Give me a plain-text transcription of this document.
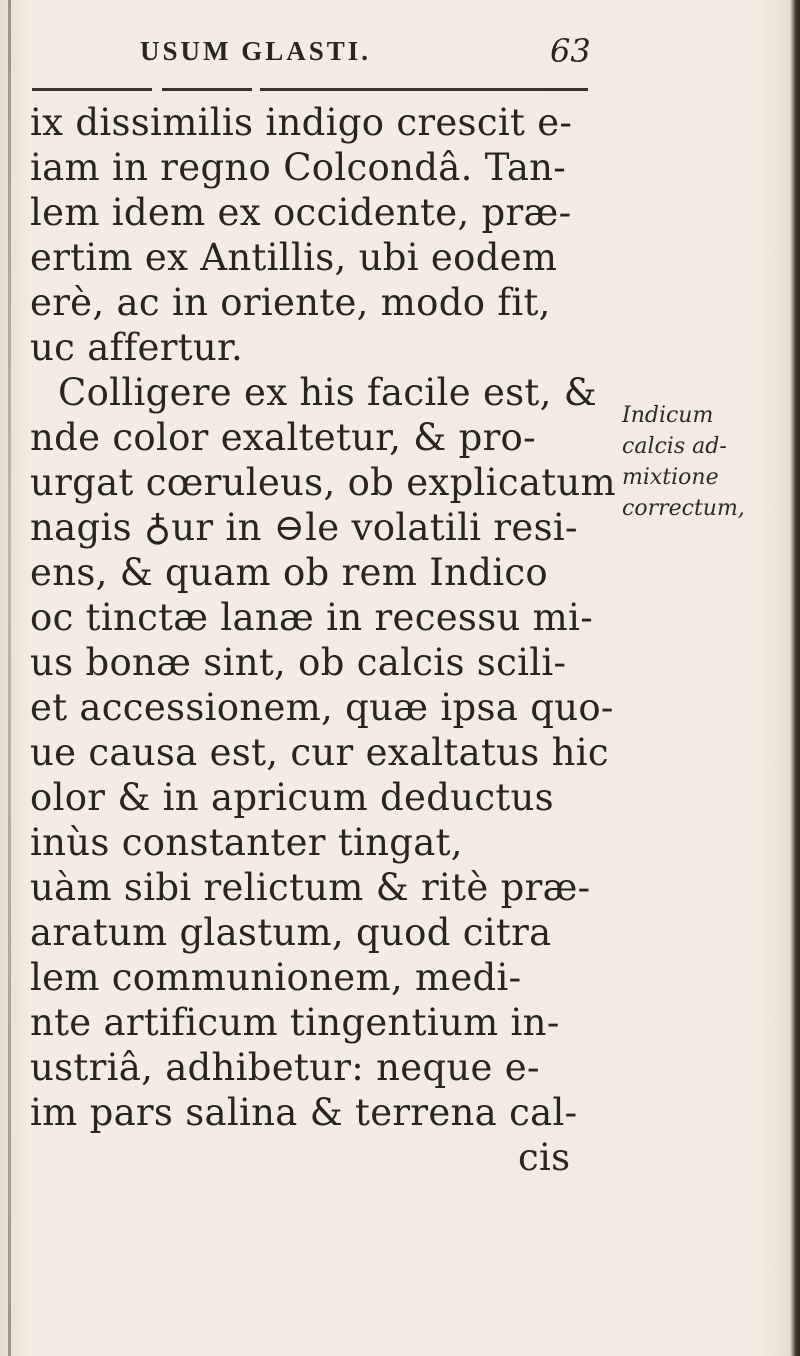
USUM GLASTI.	63
ix dissimilis indigo crescit e-
iam in regno Colcondâ. Tan-
lem idem ex occidente, præ-
ertim ex Antillis, ubi eodem
erè, ac in oriente, modo fit,
uc affertur.
Colligere ex his facile est, &
nde color exaltetur, & pro-
urgat cœruleus, ob explicatum
nagis ♁ur in ⊖le volatili resi-
ens, & quam ob rem Indico
oc tinctæ lanæ in recessu mi-
us bonæ sint, ob calcis scili-
et accessionem, quæ ipsa quo-
ue causa est, cur exaltatus hic
olor & in apricum deductus
inùs constanter tingat,
uàm sibi relictum & ritè præ-
aratum glastum, quod citra
lem communionem, medi-
nte artificum tingentium in-
ustriâ, adhibetur: neque e-
im pars salina & terrena cal-
cis
Indicum
calcis ad-
mixtione
correctum,
